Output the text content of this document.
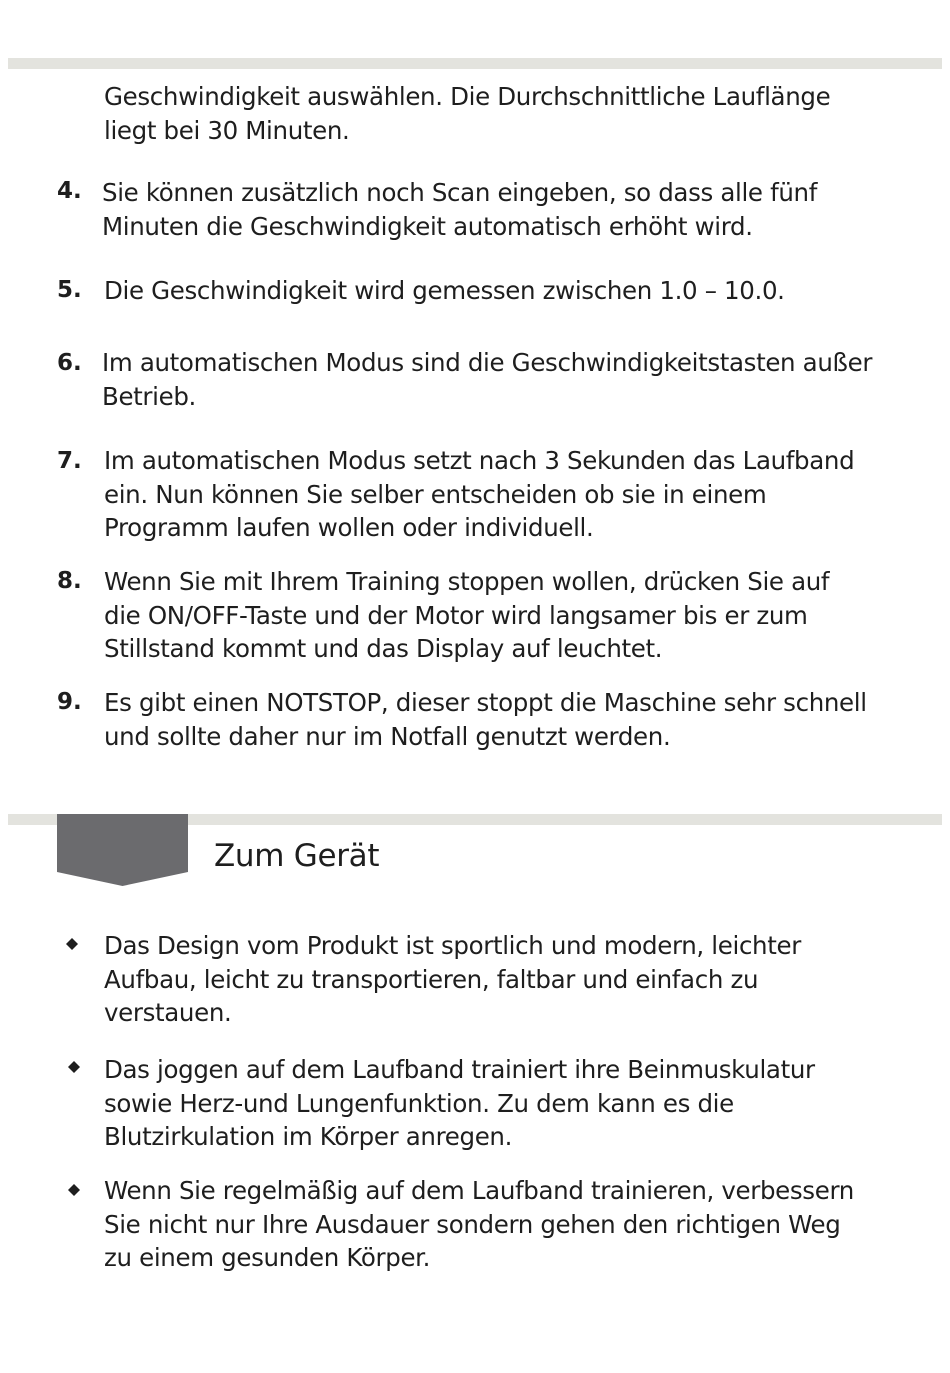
Geschwindigkeit auswählen. Die Durchschnittliche Lauflänge
liegt bei 30 Minuten.
4. Sie können zusätzlich noch Scan eingeben, so dass alle fünf
Minuten die Geschwindigkeit automatisch erhöht wird.
5. Die Geschwindigkeit wird gemessen zwischen 1.0 – 10.0.
6. Im automatischen Modus sind die Geschwindigkeitstasten außer
Betrieb.
7. Im automatischen Modus setzt nach 3 Sekunden das Laufband
ein. Nun können Sie selber entscheiden ob sie in einem
Programm laufen wollen oder individuell.
8. Wenn Sie mit Ihrem Training stoppen wollen, drücken Sie auf
die ON/OFF-Taste und der Motor wird langsamer bis er zum
Stillstand kommt und das Display auf leuchtet.
9. Es gibt einen NOTSTOP, dieser stoppt die Maschine sehr schnell
und sollte daher nur im Notfall genutzt werden.
Zum Gerät
Das Design vom Produkt ist sportlich und modern, leichter
Aufbau, leicht zu transportieren, faltbar und einfach zu
verstauen.
Das joggen auf dem Laufband trainiert ihre Beinmuskulatur
sowie Herz-und Lungenfunktion. Zu dem kann es die
Blutzirkulation im Körper anregen.
Wenn Sie regelmäßig auf dem Laufband trainieren, verbessern
Sie nicht nur Ihre Ausdauer sondern gehen den richtigen Weg
zu einem gesunden Körper.
